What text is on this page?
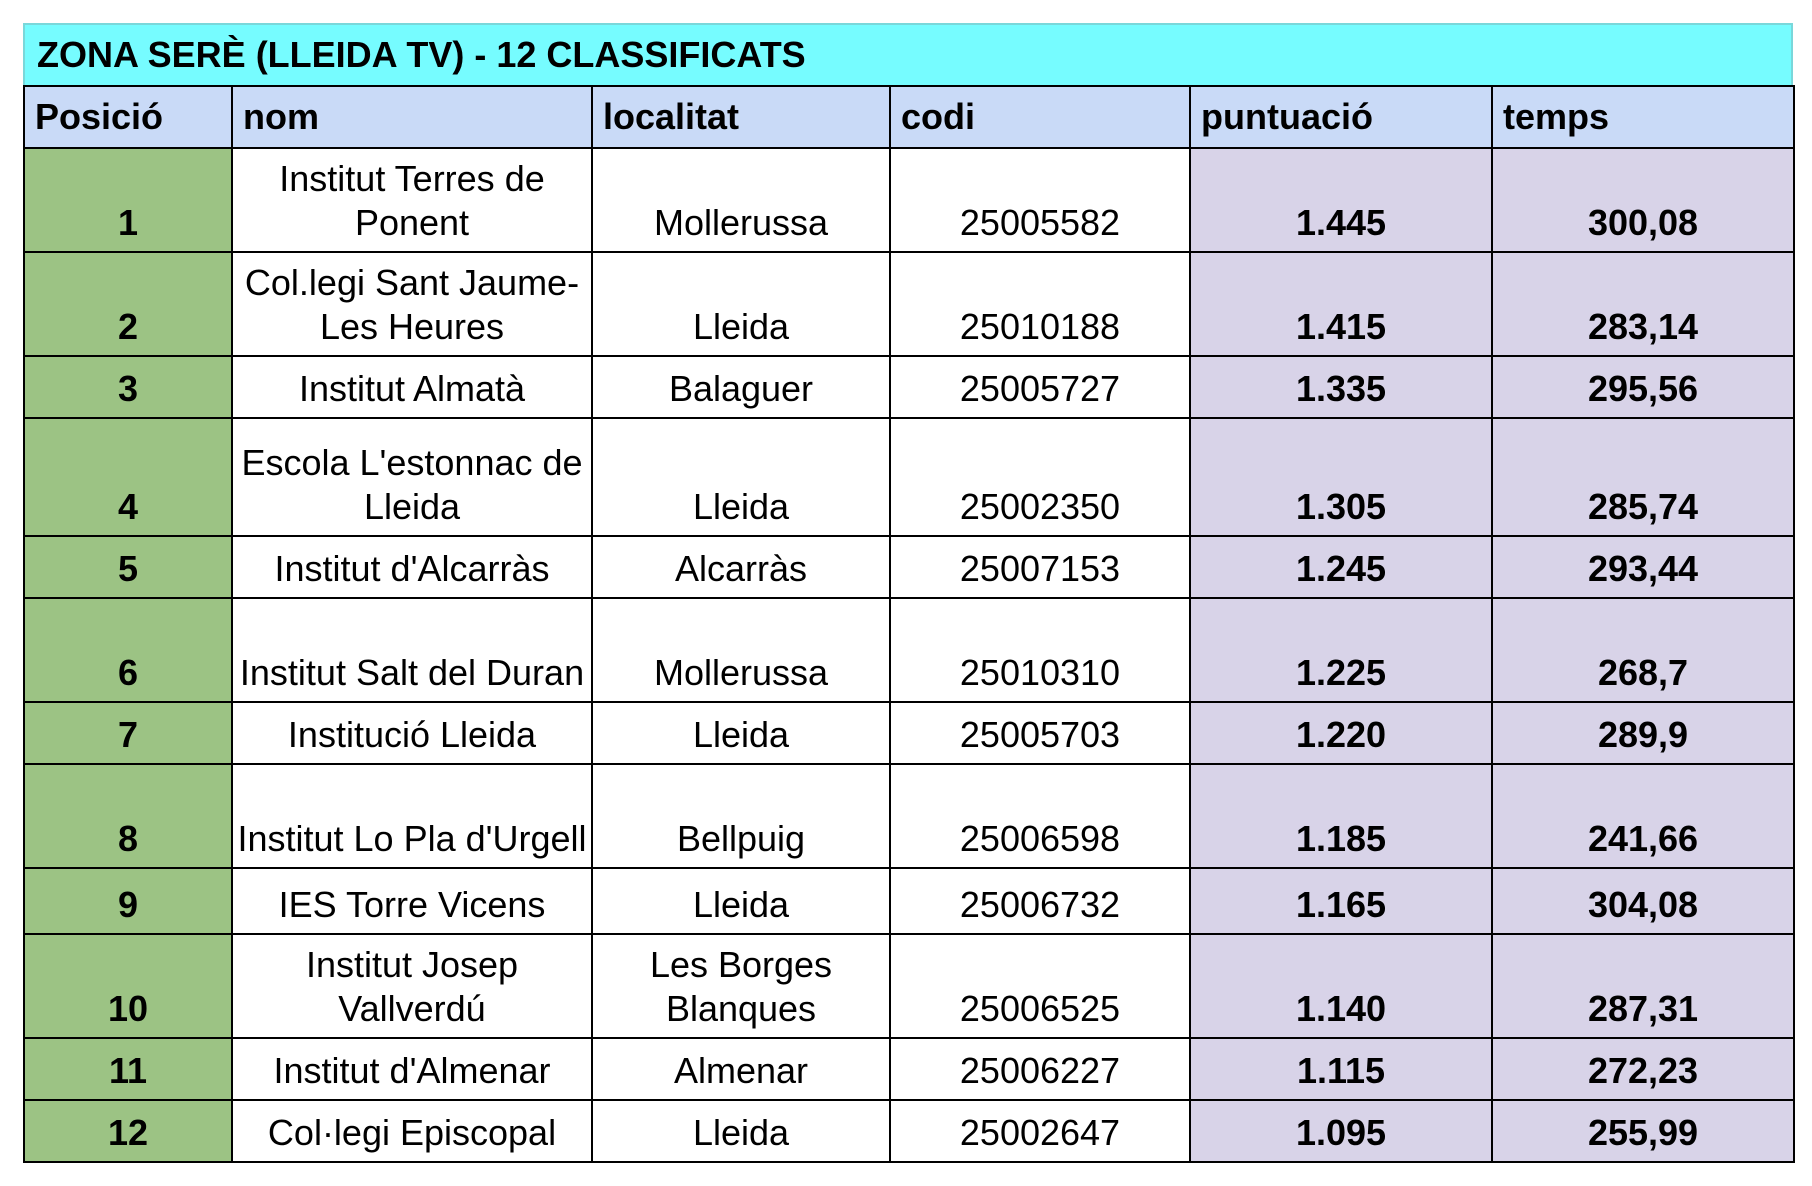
ZONA SERÈ (LLEIDA TV) - 12 CLASSIFICATS
Posició	nom	localitat	codi	puntuació	temps
1	Institut Terres de Ponent	Mollerussa	25005582	1.445	300,08
2	Col.legi Sant Jaume-Les Heures	Lleida	25010188	1.415	283,14
3	Institut Almatà	Balaguer	25005727	1.335	295,56
4	Escola L'estonnac de Lleida	Lleida	25002350	1.305	285,74
5	Institut d'Alcarràs	Alcarràs	25007153	1.245	293,44
6	Institut Salt del Duran	Mollerussa	25010310	1.225	268,7
7	Institució Lleida	Lleida	25005703	1.220	289,9
8	Institut Lo Pla d'Urgell	Bellpuig	25006598	1.185	241,66
9	IES Torre Vicens	Lleida	25006732	1.165	304,08
10	Institut Josep Vallverdú	Les Borges Blanques	25006525	1.140	287,31
11	Institut d'Almenar	Almenar	25006227	1.115	272,23
12	Col·legi Episcopal	Lleida	25002647	1.095	255,99
